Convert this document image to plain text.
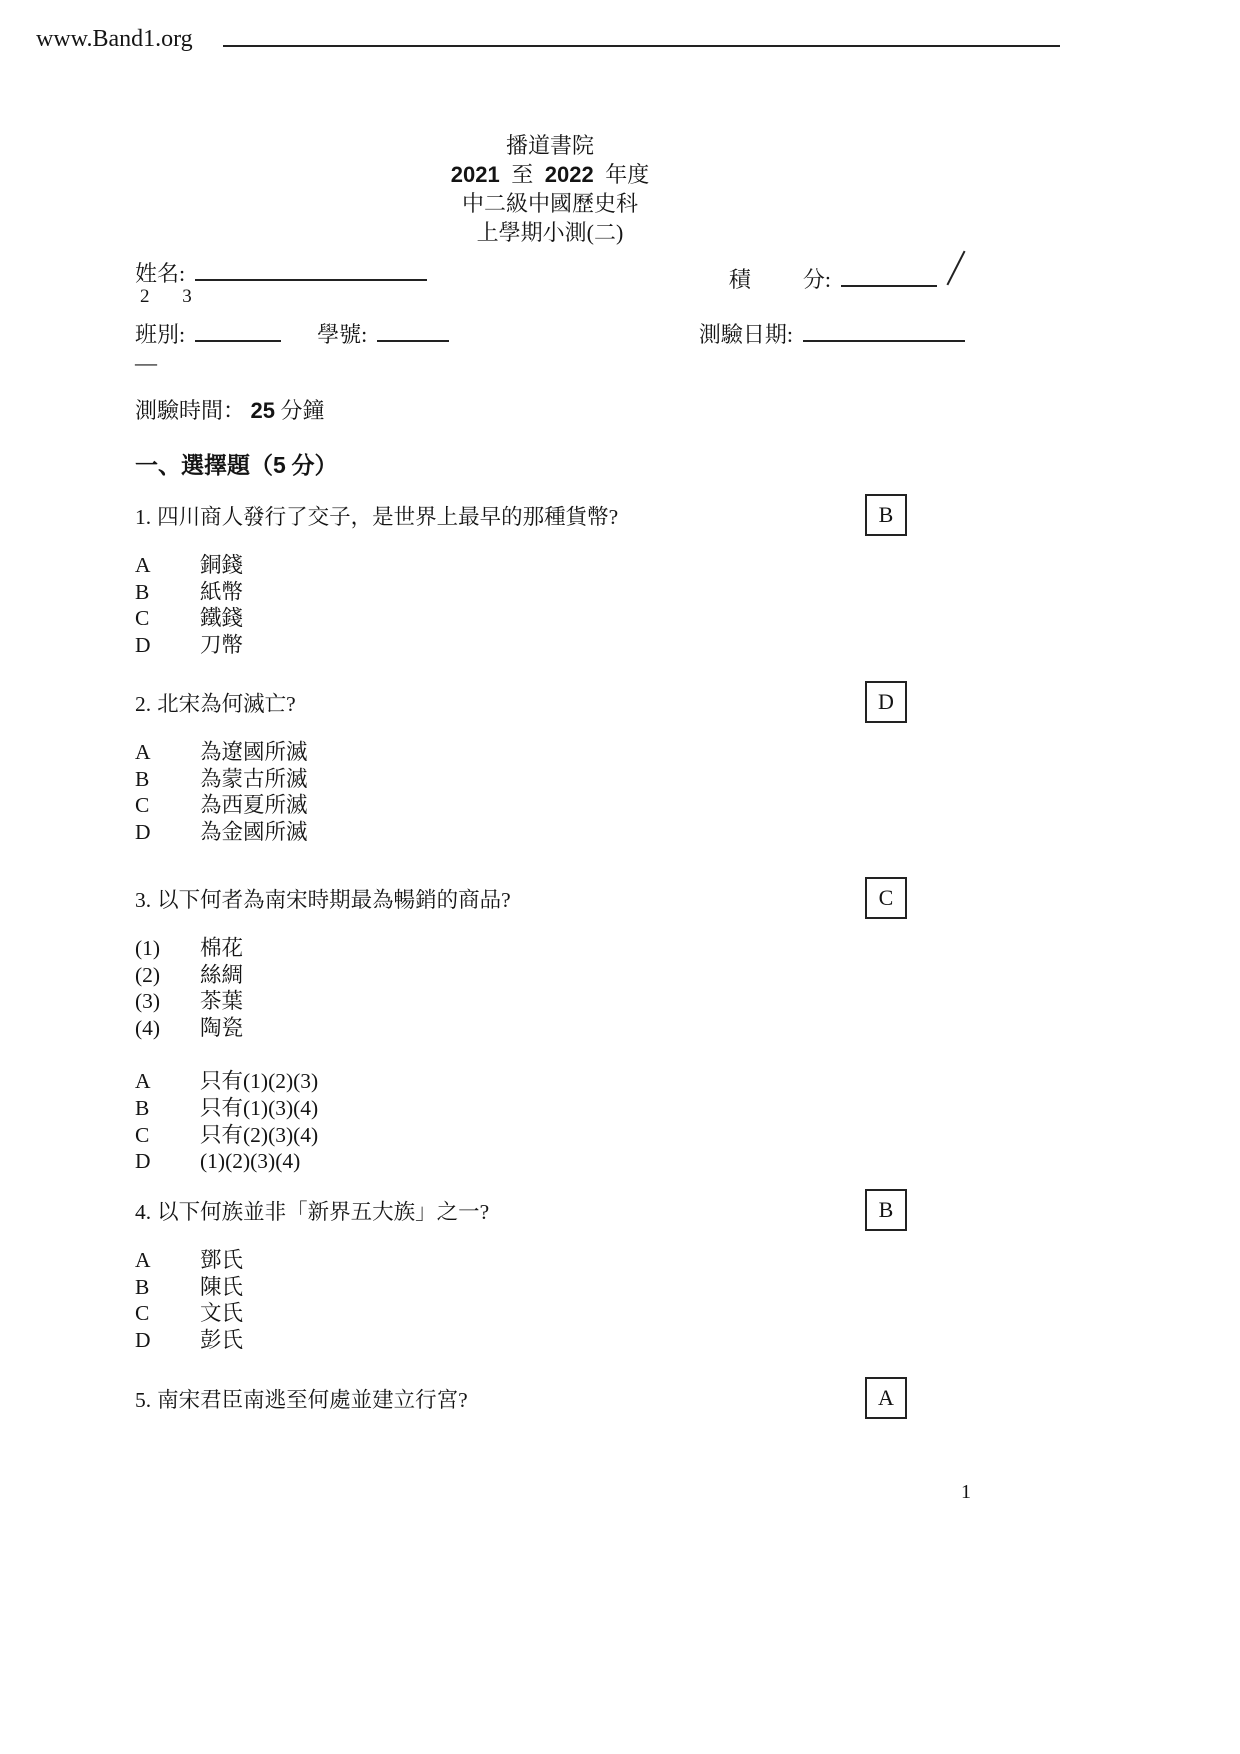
www.Band1.org
播道書院
2021 至 2022 年度
中二級中國歷史科
上學期小測(二)
姓名:	積 分:
2 3
班別:	學號:	測驗日期:
—
測驗時間： 25 分鐘
一、選擇題（5 分）
1. 四川商人發行了交子，是世界上最早的那種貨幣?	B
A	銅錢
B	紙幣
C	鐵錢
D	刀幣
2. 北宋為何滅亡?	D
A	為遼國所滅
B	為蒙古所滅
C	為西夏所滅
D	為金國所滅
3. 以下何者為南宋時期最為暢銷的商品?	C
(1)	棉花
(2)	絲綢
(3)	茶葉
(4)	陶瓷
A	只有(1)(2)(3)
B	只有(1)(3)(4)
C	只有(2)(3)(4)
D	(1)(2)(3)(4)
4. 以下何族並非「新界五大族」之一?	B
A	鄧氏
B	陳氏
C	文氏
D	彭氏
5. 南宋君臣南逃至何處並建立行宮?	A
1
